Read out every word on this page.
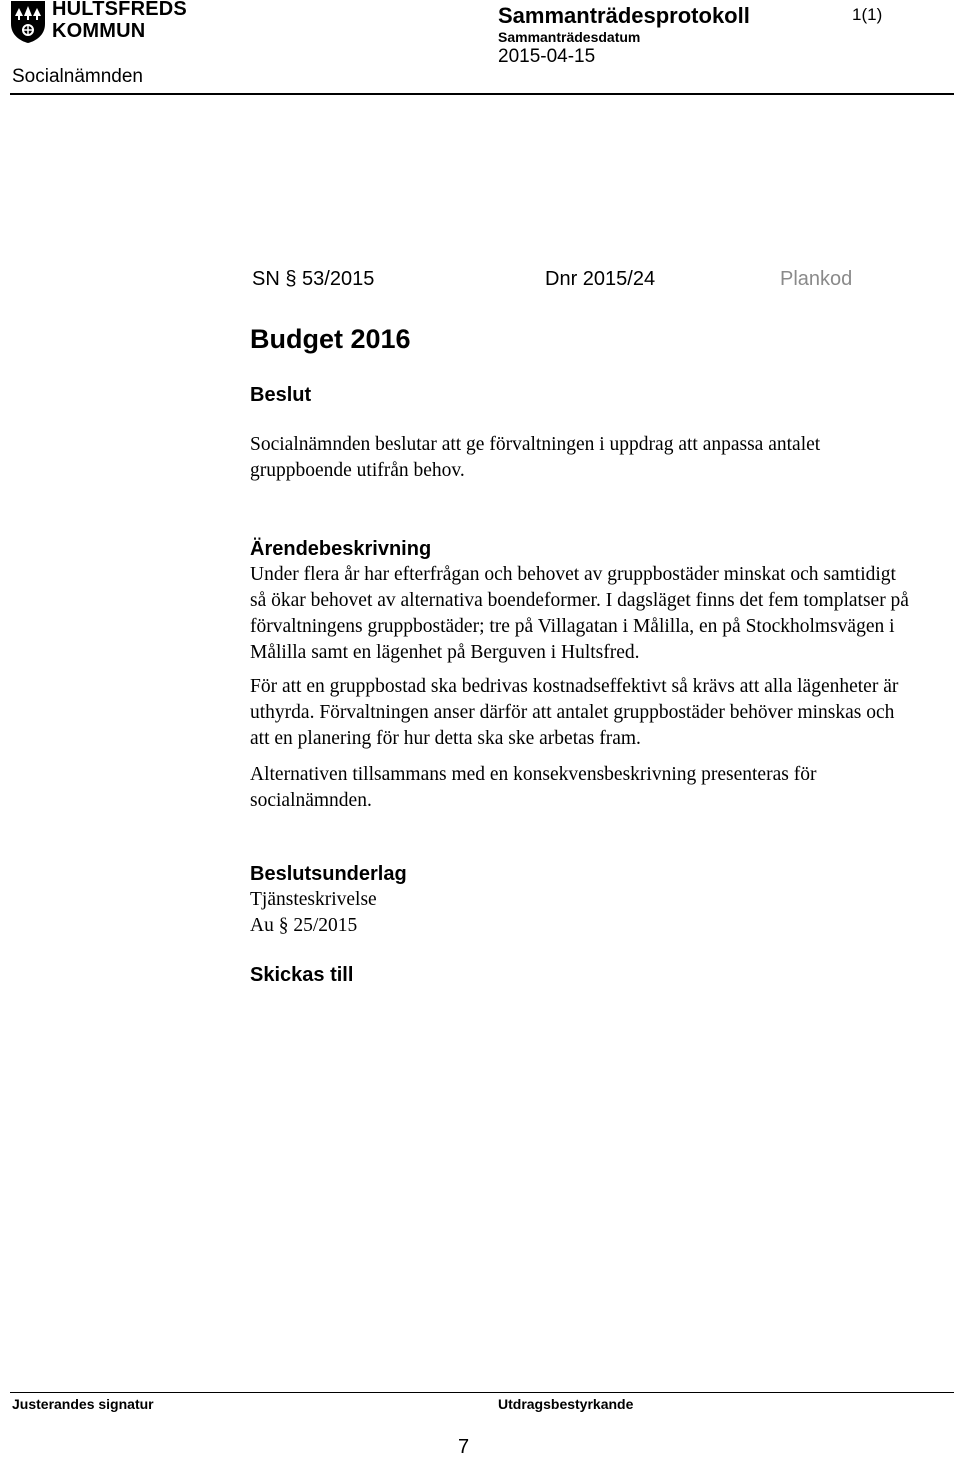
HULTSFREDS
KOMMUN
Socialnämnden
Sammanträdesprotokoll
Sammanträdesdatum
2015-04-15
1(1)
SN § 53/2015	Dnr 2015/24	Plankod
Budget 2016
Beslut
Socialnämnden beslutar att ge förvaltningen i uppdrag att anpassa antalet gruppboende utifrån behov.
Ärendebeskrivning
Under flera år har efterfrågan och behovet av gruppbostäder minskat och samtidigt så ökar behovet av alternativa boendeformer. I dagsläget finns det fem tomplatser på förvaltningens gruppbostäder; tre på Villagatan i Målilla, en på Stockholmsvägen i Målilla samt en lägenhet på Berguven i Hultsfred.
För att en gruppbostad ska bedrivas kostnadseffektivt så krävs att alla lägenheter är uthyrda. Förvaltningen anser därför att antalet gruppbostäder behöver minskas och att en planering för hur detta ska ske arbetas fram.
Alternativen tillsammans med en konsekvensbeskrivning presenteras för socialnämnden.
Beslutsunderlag
Tjänsteskrivelse
Au § 25/2015
Skickas till
Justerandes signatur	Utdragsbestyrkande
7
